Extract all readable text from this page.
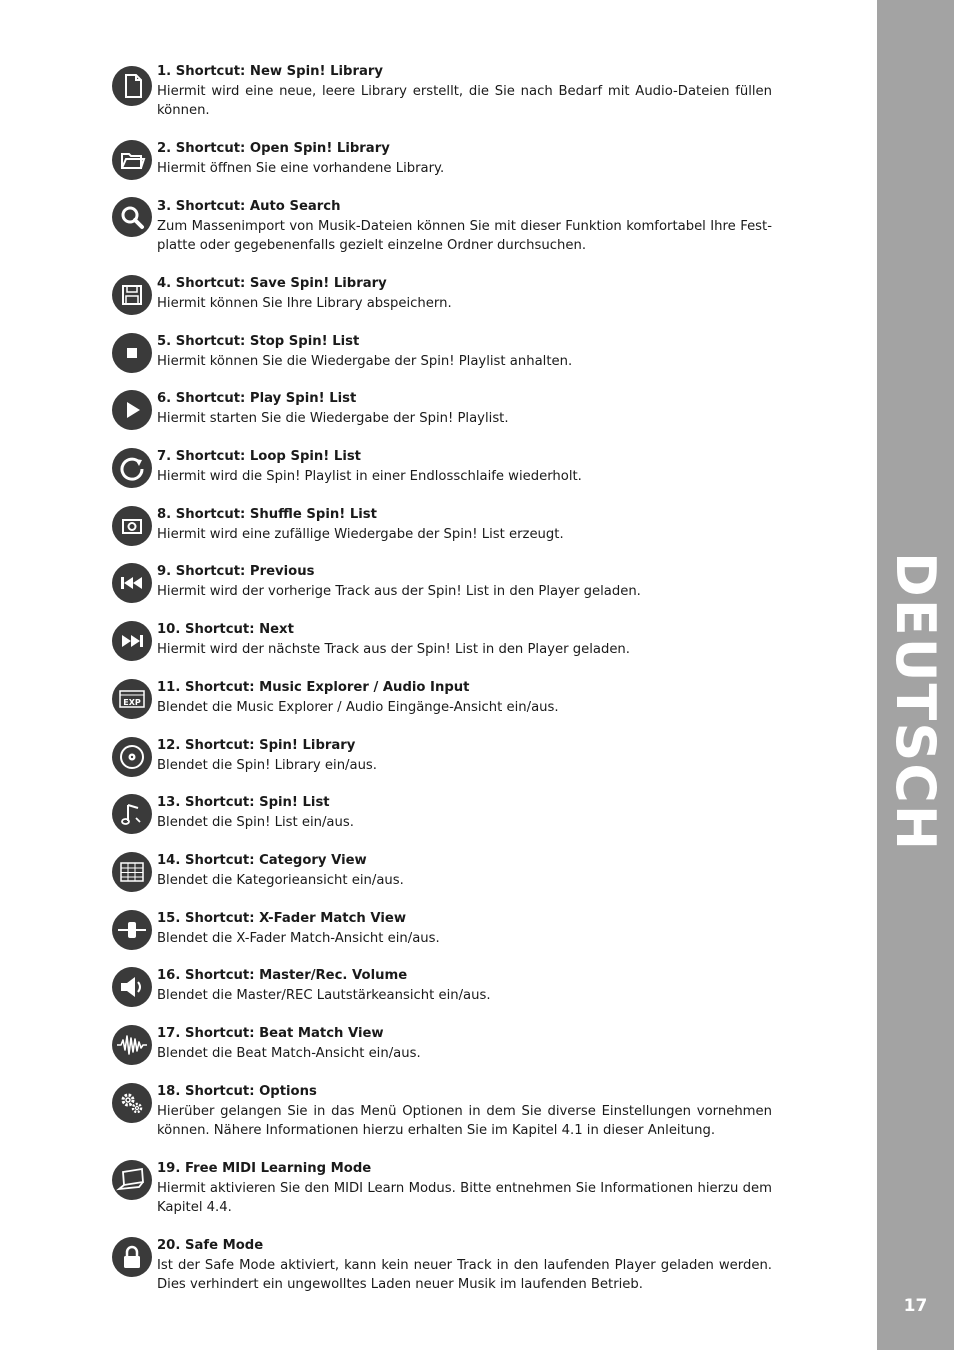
DEUTSCH
17

1. Shortcut: New Spin! Library

Hiermit wird eine neue, leere Library erstellt, die Sie nach Bedarf mit Audio-Dateien füllen können.

2. Shortcut: Open Spin! Library

Hiermit öffnen Sie eine vorhandene Library.

3. Shortcut: Auto Search

Zum Massenimport von Musik-Dateien können Sie mit dieser Funktion komfortabel Ihre Festplatte oder gegebenenfalls gezielt einzelne Ordner durchsuchen.

4. Shortcut: Save Spin! Library

Hiermit können Sie Ihre Library abspeichern.

5. Shortcut: Stop Spin! List

Hiermit können Sie die Wiedergabe der Spin! Playlist anhalten.

6. Shortcut: Play Spin! List

Hiermit starten Sie die Wiedergabe der Spin! Playlist.

7. Shortcut: Loop Spin! List

Hiermit wird die Spin! Playlist in einer Endlosschlaife wiederholt.

8. Shortcut: Shuffle Spin! List

Hiermit wird eine zufällige Wiedergabe der Spin! List erzeugt.

9. Shortcut: Previous

Hiermit wird der vorherige Track aus der Spin! List in den Player geladen.

10. Shortcut: Next

Hiermit wird der nächste Track aus der Spin! List in den Player geladen.

EXP

11. Shortcut: Music Explorer / Audio Input

Blendet die Music Explorer / Audio Eingänge-Ansicht ein/aus.

12. Shortcut: Spin! Library

Blendet die Spin! Library ein/aus.

13. Shortcut: Spin! List

Blendet die Spin! List ein/aus.

14. Shortcut: Category View

Blendet die Kategorieansicht ein/aus.

15. Shortcut: X-Fader Match View

Blendet die X-Fader Match-Ansicht ein/aus.

16. Shortcut: Master/Rec. Volume

Blendet die Master/REC Lautstärkeansicht ein/aus.

17. Shortcut: Beat Match View

Blendet die Beat Match-Ansicht ein/aus.

18. Shortcut: Options

Hierüber gelangen Sie in das Menü Optionen in dem Sie diverse Einstellungen vornehmen können. Nähere Informationen hierzu erhalten Sie im Kapitel 4.1 in dieser Anleitung.

19. Free MIDI Learning Mode

Hiermit aktivieren Sie den MIDI Learn Modus. Bitte entnehmen Sie Informationen hierzu dem Kapitel 4.4.

20. Safe Mode

Ist der Safe Mode aktiviert, kann kein neuer Track in den laufenden Player geladen werden. Dies verhindert ein ungewolltes Laden neuer Musik im laufenden Betrieb.
